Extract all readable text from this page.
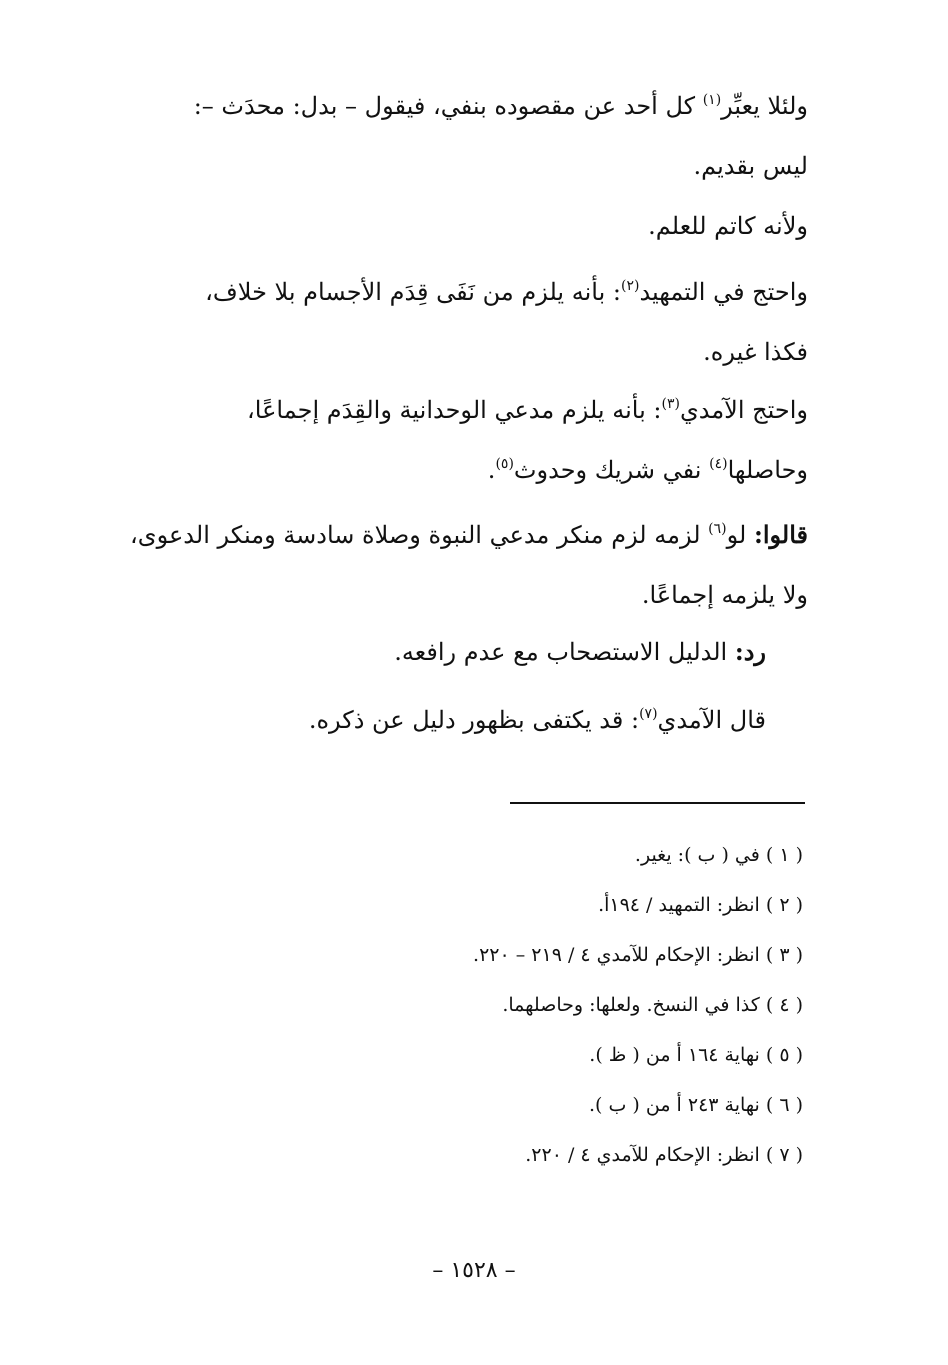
ولئلا يعبِّر$^{(١)}$ كل أحد عن مقصوده بنفي، فيقول – بدل: محدَث –:
ليس بقديم.
ولأنه كاتم للعلم.
واحتج في التمهيد$^{(٢)}$: بأنه يلزم من نَفَى قِدَم الأجسام بلا خلاف،
فكذا غيره.
واحتج الآمدي$^{(٣)}$: بأنه يلزم مدعي الوحدانية والقِدَم إجماعًا،
وحاصلها$^{(٤)}$ نفي شريك وحدوث$^{(٥)}$.
قالوا: لو$^{(٦)}$ لزمه لزم منكر مدعي النبوة وصلاة سادسة ومنكر الدعوى،
ولا يلزمه إجماعًا.
رد: الدليل الاستصحاب مع عدم رافعه.
قال الآمدي$^{(٧)}$: قد يكتفى بظهور دليل عن ذكره.
( ١ ) في ( ب ): يغير.
( ٢ ) انظر: التمهيد / ١٩٤أ.
( ٣ ) انظر: الإحكام للآمدي ٤ / ٢١٩ – ٢٢٠.
( ٤ ) كذا في النسخ. ولعلها: وحاصلهما.
( ٥ ) نهاية ١٦٤ أ من ( ظ ).
( ٦ ) نهاية ٢٤٣ أ من ( ب ).
( ٧ ) انظر: الإحكام للآمدي ٤ / ٢٢٠.
– ١٥٢٨ –
